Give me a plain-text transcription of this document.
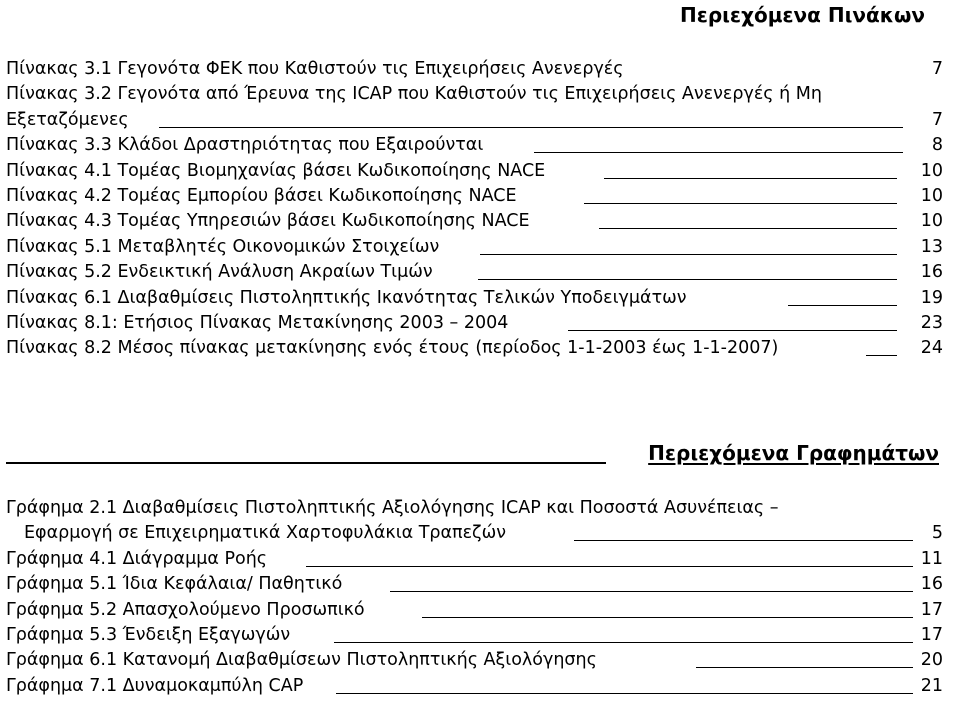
Περιεχόμενα Πινάκων
Πίνακας 3.1 Γεγονότα ΦΕΚ που Καθιστούν τις Επιχειρήσεις Ανενεργές	7
Πίνακας 3.2 Γεγονότα από Έρευνα της ICAP που Καθιστούν τις Επιχειρήσεις Ανενεργές ή Μη
Εξεταζόμενες	7
Πίνακας 3.3 Κλάδοι Δραστηριότητας που Εξαιρούνται	8
Πίνακας 4.1 Τομέας Βιομηχανίας βάσει Κωδικοποίησης NACE	10
Πίνακας 4.2 Τομέας Εμπορίου βάσει Κωδικοποίησης NACE	10
Πίνακας 4.3 Τομέας Υπηρεσιών βάσει Κωδικοποίησης NACE	10
Πίνακας 5.1 Μεταβλητές Οικονομικών Στοιχείων	13
Πίνακας 5.2 Ενδεικτική Ανάλυση Ακραίων Τιμών	16
Πίνακας 6.1 Διαβαθμίσεις Πιστοληπτικής Ικανότητας Τελικών Υποδειγμάτων	19
Πίνακας 8.1: Ετήσιος Πίνακας Μετακίνησης 2003 – 2004	23
Πίνακας 8.2 Μέσος πίνακας μετακίνησης ενός έτους (περίοδος 1-1-2003 έως 1-1-2007)	24
Περιεχόμενα Γραφημάτων
Γράφημα 2.1 Διαβαθμίσεις Πιστοληπτικής Αξιολόγησης ICAP και Ποσοστά Ασυνέπειας –
Εφαρμογή σε Επιχειρηματικά Χαρτοφυλάκια Τραπεζών	5
Γράφημα 4.1 Διάγραμμα Ροής	11
Γράφημα 5.1 Ίδια Κεφάλαια/ Παθητικό	16
Γράφημα 5.2 Απασχολούμενο Προσωπικό	17
Γράφημα 5.3 Ένδειξη Εξαγωγών	17
Γράφημα 6.1 Κατανομή Διαβαθμίσεων Πιστοληπτικής Αξιολόγησης	20
Γράφημα 7.1 Δυναμοκαμπύλη CAP	21
